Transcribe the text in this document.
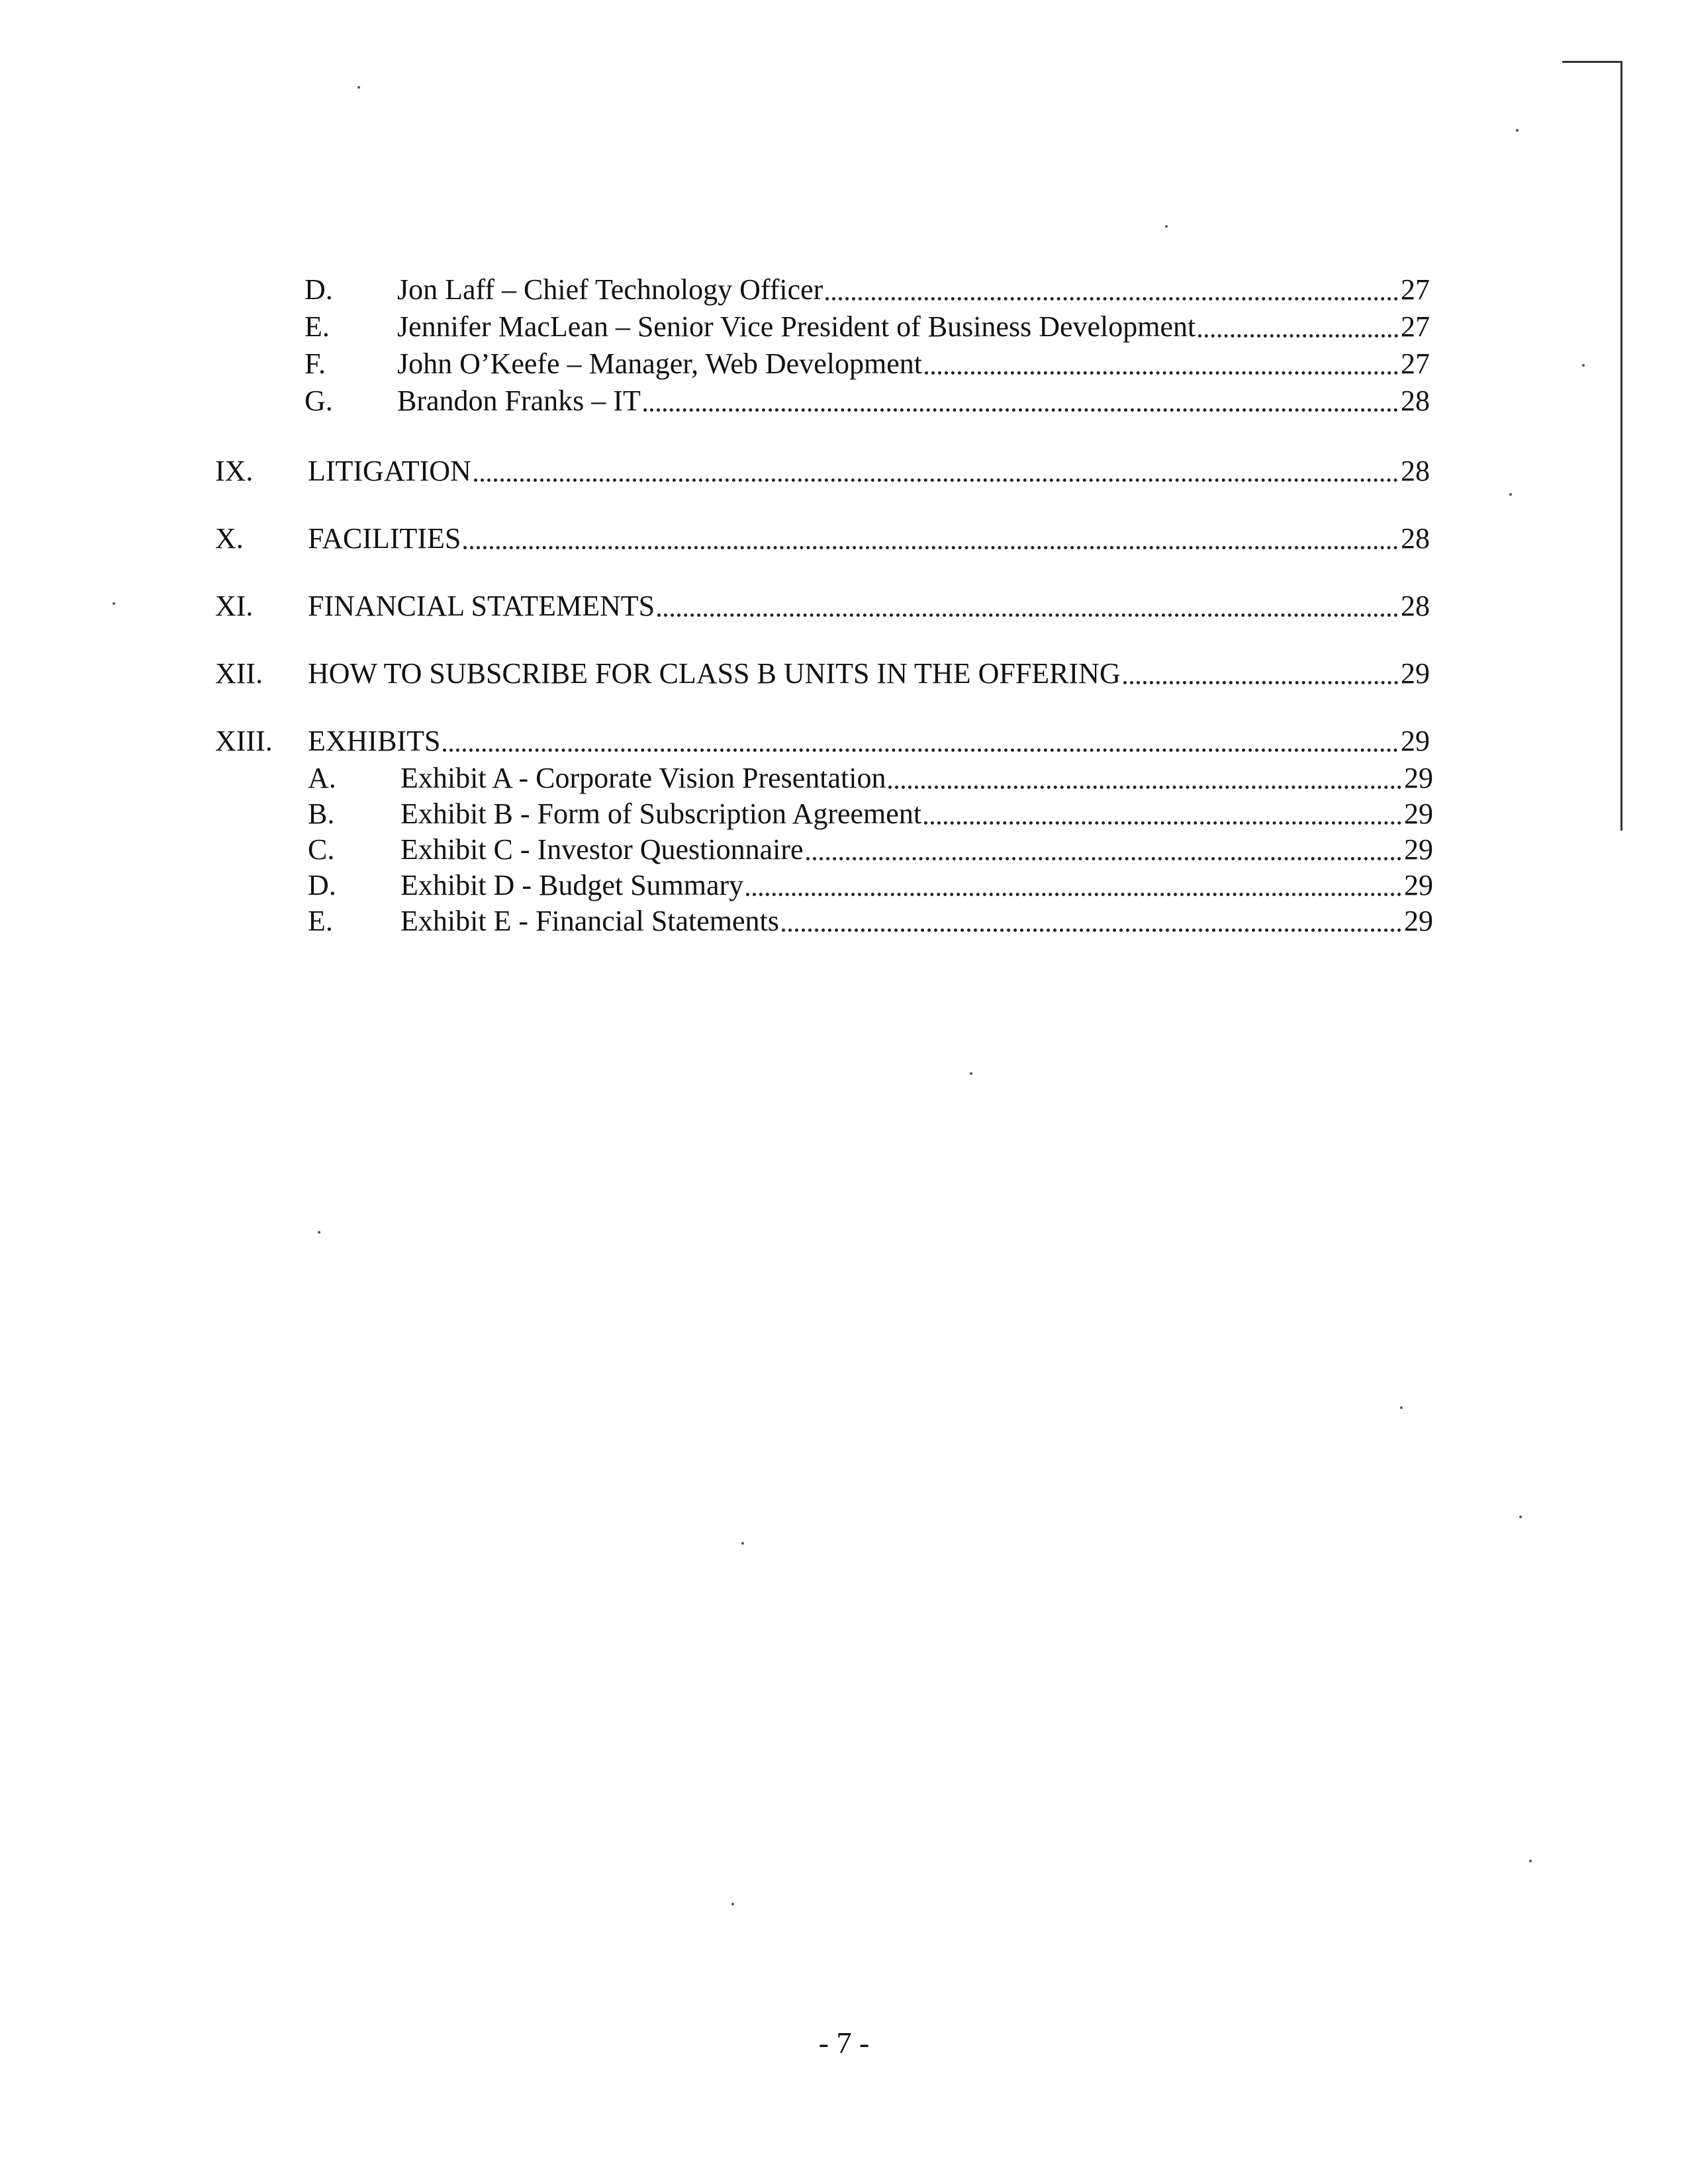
D.	Jon Laff – Chief Technology Officer	27
E.	Jennifer MacLean – Senior Vice President of Business Development	27
F.	John O’Keefe – Manager, Web Development	27
G.	Brandon Franks – IT	28
IX.	LITIGATION	28
X.	FACILITIES	28
XI.	FINANCIAL STATEMENTS	28
XII.	HOW TO SUBSCRIBE FOR CLASS B UNITS IN THE OFFERING	29
XIII.	EXHIBITS	29
A.	Exhibit A - Corporate Vision Presentation	29
B.	Exhibit B - Form of Subscription Agreement	29
C.	Exhibit C - Investor Questionnaire	29
D.	Exhibit D - Budget Summary	29
E.	Exhibit E - Financial Statements	29
- 7 -
